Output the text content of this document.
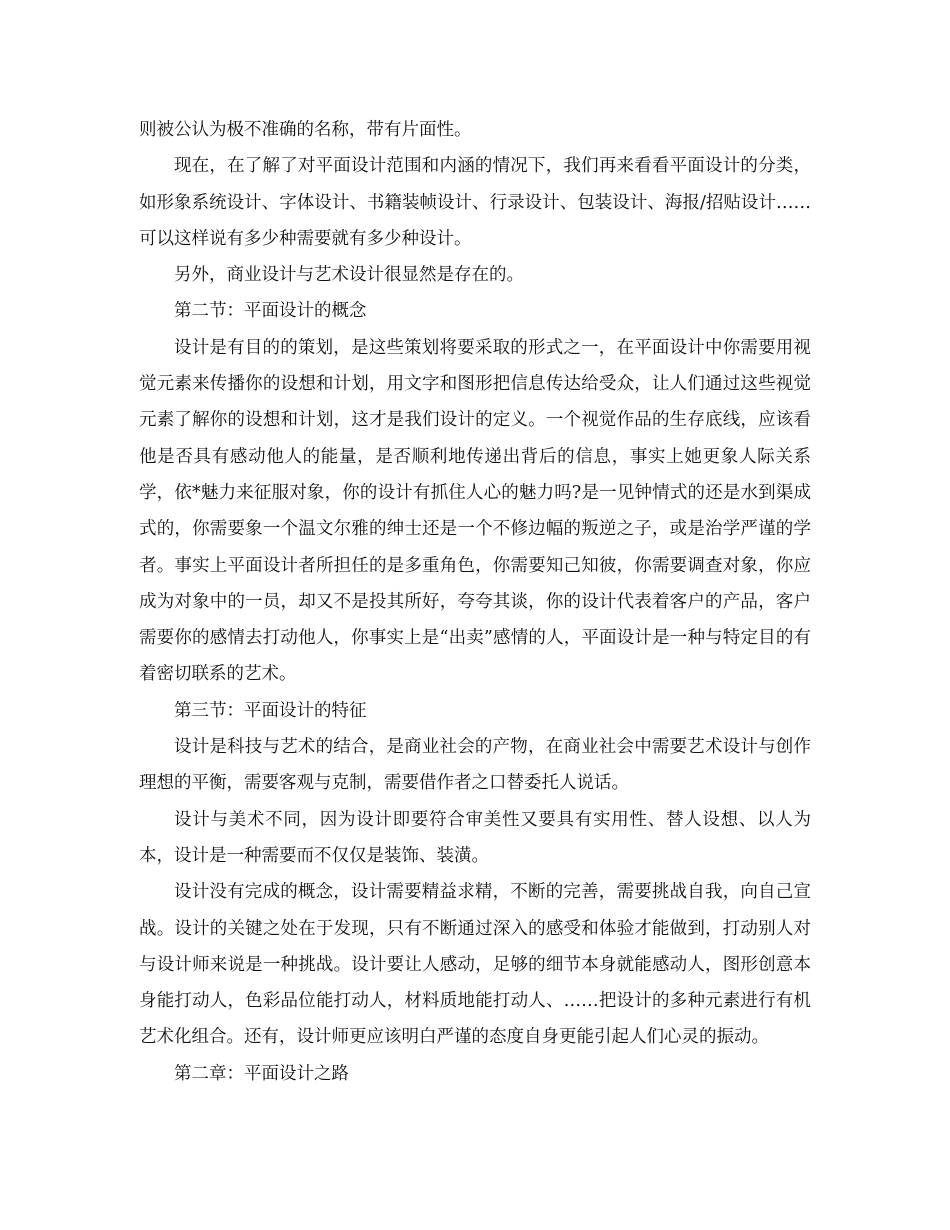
则被公认为极不准确的名称，带有片面性。

现在，在了解了对平面设计范围和内涵的情况下，我们再来看看平面设计的分类，如形象系统设计、字体设计、书籍装帧设计、行录设计、包装设计、海报/招贴设计……可以这样说有多少种需要就有多少种设计。

另外，商业设计与艺术设计很显然是存在的。

第二节：平面设计的概念

设计是有目的的策划，是这些策划将要采取的形式之一，在平面设计中你需要用视觉元素来传播你的设想和计划，用文字和图形把信息传达给受众，让人们通过这些视觉元素了解你的设想和计划，这才是我们设计的定义。一个视觉作品的生存底线，应该看他是否具有感动他人的能量，是否顺利地传递出背后的信息，事实上她更象人际关系学，依*魅力来征服对象，你的设计有抓住人心的魅力吗?是一见钟情式的还是水到渠成式的，你需要象一个温文尔雅的绅士还是一个不修边幅的叛逆之子，或是治学严谨的学者。事实上平面设计者所担任的是多重角色，你需要知己知彼，你需要调查对象，你应成为对象中的一员，却又不是投其所好，夸夸其谈，你的设计代表着客户的产品，客户需要你的感情去打动他人，你事实上是“出卖”感情的人，平面设计是一种与特定目的有着密切联系的艺术。

第三节：平面设计的特征

设计是科技与艺术的结合，是商业社会的产物，在商业社会中需要艺术设计与创作理想的平衡，需要客观与克制，需要借作者之口替委托人说话。

设计与美术不同，因为设计即要符合审美性又要具有实用性、替人设想、以人为本，设计是一种需要而不仅仅是装饰、装潢。

设计没有完成的概念，设计需要精益求精，不断的完善，需要挑战自我，向自己宣战。设计的关键之处在于发现，只有不断通过深入的感受和体验才能做到，打动别人对与设计师来说是一种挑战。设计要让人感动，足够的细节本身就能感动人，图形创意本身能打动人，色彩品位能打动人，材料质地能打动人、……把设计的多种元素进行有机艺术化组合。还有，设计师更应该明白严谨的态度自身更能引起人们心灵的振动。

第二章：平面设计之路
